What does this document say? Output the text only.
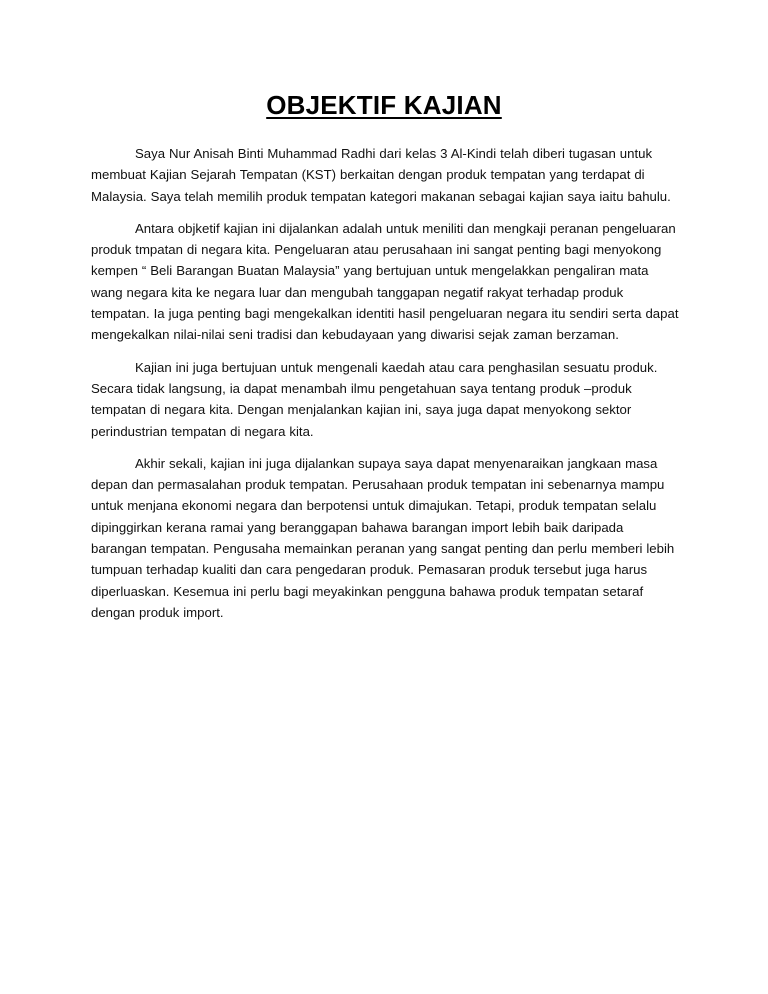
OBJEKTIF KAJIAN

Saya Nur Anisah Binti Muhammad Radhi dari kelas 3 Al-Kindi telah diberi tugasan untuk membuat Kajian Sejarah Tempatan (KST) berkaitan dengan produk tempatan yang terdapat di Malaysia. Saya telah memilih produk tempatan kategori makanan sebagai kajian saya iaitu bahulu.

Antara objketif kajian ini dijalankan adalah untuk meniliti dan mengkaji peranan pengeluaran produk tmpatan di negara kita. Pengeluaran atau perusahaan ini sangat penting bagi menyokong kempen “ Beli Barangan Buatan Malaysia” yang bertujuan untuk mengelakkan pengaliran mata wang negara kita ke negara luar dan mengubah tanggapan negatif rakyat terhadap produk tempatan. Ia juga penting bagi mengekalkan identiti hasil pengeluaran negara itu sendiri serta dapat mengekalkan nilai-nilai seni tradisi dan kebudayaan yang diwarisi sejak zaman berzaman.

Kajian ini juga bertujuan untuk mengenali kaedah atau cara penghasilan sesuatu produk. Secara tidak langsung, ia dapat menambah ilmu pengetahuan saya tentang produk –produk tempatan di negara kita. Dengan menjalankan kajian ini, saya juga dapat menyokong sektor perindustrian tempatan di negara kita.

Akhir sekali, kajian ini juga dijalankan supaya saya dapat menyenaraikan jangkaan masa depan dan permasalahan produk tempatan. Perusahaan produk tempatan ini sebenarnya mampu untuk menjana ekonomi negara dan berpotensi untuk dimajukan. Tetapi, produk tempatan selalu dipinggirkan kerana ramai yang beranggapan bahawa barangan import lebih baik daripada barangan tempatan. Pengusaha memainkan peranan yang sangat penting dan perlu memberi lebih tumpuan terhadap kualiti dan cara pengedaran produk. Pemasaran produk tersebut juga harus diperluaskan. Kesemua ini perlu bagi meyakinkan pengguna bahawa produk tempatan setaraf dengan produk import.
